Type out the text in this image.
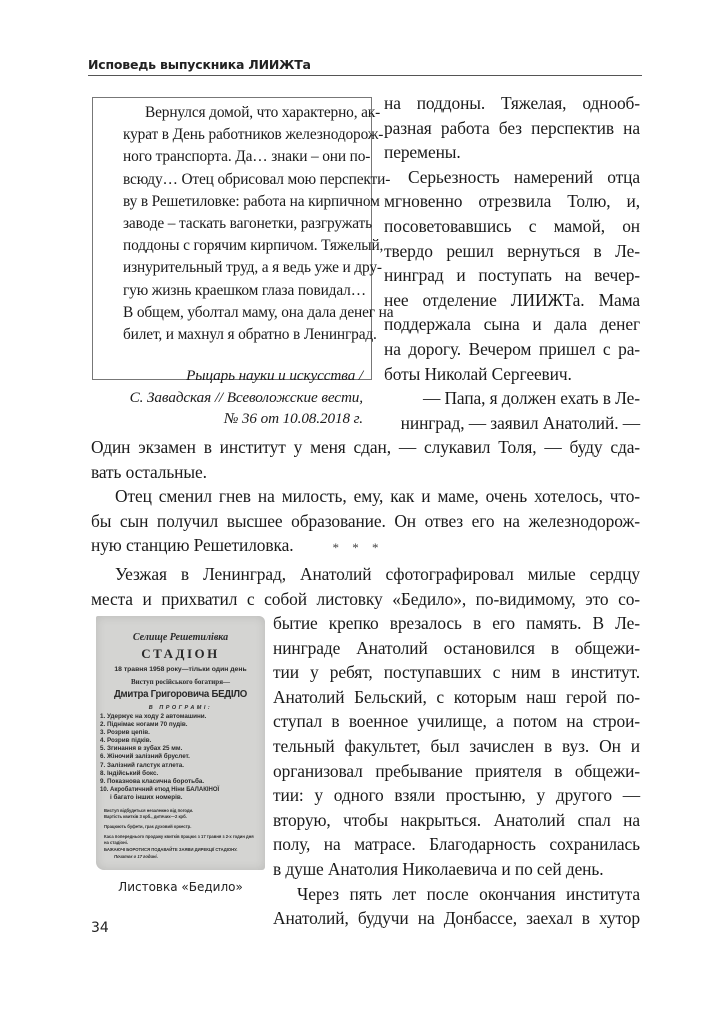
Исповедь выпускника ЛИИЖТа
Вернулся домой, что характерно, ак-
курат в День работников железнодорож-
ного транспорта. Да… знаки – они по-
всюду… Отец обрисовал мою перспекти-
ву в Решетиловке: работа на кирпичном
заводе – таскать вагонетки, разгружать
поддоны с горячим кирпичом. Тяжелый,
изнурительный труд, а я ведь уже и дру-
гую жизнь краешком глаза повидал…
В общем, уболтал маму, она дала денег на
билет, и махнул я обратно в Ленинград.
Рыцарь науки и искусства /
С. Завадская // Всеволожские вести,
№ 36 от 10.08.2018 г.
на поддоны. Тяжелая, однооб-
разная работа без перспектив на
перемены.
Серьезность намерений отца
мгновенно отрезвила Толю, и,
посоветовавшись с мамой, он
твердо решил вернуться в Ле-
нинград и поступать на вечер-
нее отделение ЛИИЖТа. Мама
поддержала сына и дала денег
на дорогу. Вечером пришел с ра-
боты Николай Сергеевич.
— Папа, я должен ехать в Ле-
нинград, — заявил Анатолий. —
Один экзамен в институт у меня сдан, — слукавил Толя, — буду сда-
вать остальные.
Отец сменил гнев на милость, ему, как и маме, очень хотелось, что-
бы сын получил высшее образование. Он отвез его на железнодорож-
ную станцию Решетиловка.	* * *
Уезжая в Ленинград, Анатолий сфотографировал милые сердцу
места и прихватил с собой листовку «Бедило», по-видимому, это со-
бытие крепко врезалось в его память. В Ле-
нинграде Анатолий остановился в общежи-
тии у ребят, поступавших с ним в институт.
Анатолий Бельский, с которым наш герой по-
ступал в военное училище, а потом на строи-
тельный факультет, был зачислен в вуз. Он и
организовал пребывание приятеля в общежи-
тии: у одного взяли простыню, у другого —
вторую, чтобы накрыться. Анатолий спал на
полу, на матрасе. Благодарность сохранилась
в душе Анатолия Николаевича и по сей день.
Через пять лет после окончания института
Анатолий, будучи на Донбассе, заехал в хутор
Селище Решетилівка
СТАДІОН
18 травня 1958 року—тільки один день
Виступ російського богатиря—
Дмитра Григоровича БЕДІЛО
В ПРОГРАМІ:
1. Удержує на ходу 2 автомашини.
2. Піднімає ногами 70 пудів.
3. Розрив цепів.
4. Розрив підків.
5. Згинання в зубах 25 мм.
6. Жіночий залізний бруслет.
7. Залізний галстук атлета.
8. Індійський бокс.
9. Показнова класична боротьба.
10. Акробатичний етюд Ніни БАЛАКІНОЇ
і багато інших номерів.
Виступ відбудеться незалежно від погоди.
Вартість квитків 3 крб., дитячих—2 крб.
Працюють буфети, грає духовий оркестр.
Каса попереднього продажу квитків працює з 17 травня з 2-х годин дня на стадіоні.
БАЖАЮЧІ БОРОТИСЯ ПОДАВАЙТЕ ЗАЯВИ ДИРЕКЦІЇ СТАДІОНУ.
Початок о 17 годині.
Листовка «Бедило»
34
